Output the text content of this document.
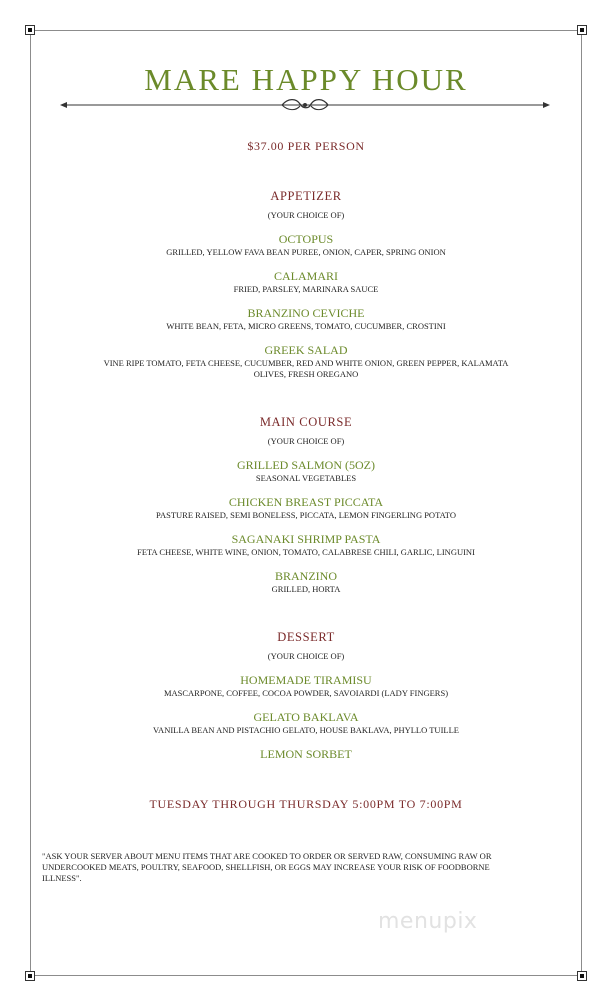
MARE HAPPY HOUR

$37.00 PER PERSON

APPETIZER

(YOUR CHOICE OF)

OCTOPUS

GRILLED, YELLOW FAVA BEAN PUREE, ONION, CAPER, SPRING ONION

CALAMARI

FRIED, PARSLEY, MARINARA SAUCE

BRANZINO CEVICHE

WHITE BEAN, FETA, MICRO GREENS, TOMATO, CUCUMBER, CROSTINI

GREEK SALAD

VINE RIPE TOMATO, FETA CHEESE, CUCUMBER, RED AND WHITE ONION, GREEN PEPPER, KALAMATA

OLIVES, FRESH OREGANO

MAIN COURSE

(YOUR CHOICE OF)

GRILLED SALMON (5OZ)

SEASONAL VEGETABLES

CHICKEN BREAST PICCATA

PASTURE RAISED, SEMI BONELESS, PICCATA, LEMON FINGERLING POTATO

SAGANAKI SHRIMP PASTA

FETA CHEESE, WHITE WINE, ONION, TOMATO, CALABRESE CHILI, GARLIC, LINGUINI

BRANZINO

GRILLED, HORTA

DESSERT

(YOUR CHOICE OF)

HOMEMADE TIRAMISU

MASCARPONE, COFFEE, COCOA POWDER, SAVOIARDI (LADY FINGERS)

GELATO BAKLAVA

VANILLA BEAN AND PISTACHIO GELATO, HOUSE BAKLAVA, PHYLLO TUILLE

LEMON SORBET

TUESDAY THROUGH THURSDAY 5:00PM TO 7:00PM

"ASK YOUR SERVER ABOUT MENU ITEMS THAT ARE COOKED TO ORDER OR SERVED RAW, CONSUMING RAW OR UNDERCOOKED MEATS, POULTRY, SEAFOOD, SHELLFISH, OR EGGS MAY INCREASE YOUR RISK OF FOODBORNE ILLNESS".

menupix
